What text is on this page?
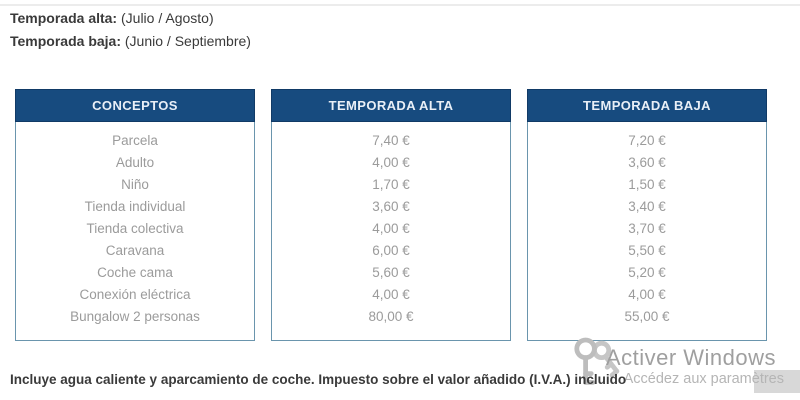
Temporada alta: (Julio / Agosto)

Temporada baja: (Junio / Septiembre)

CONCEPTOS
Parcela
Adulto
Niño
Tienda individual
Tienda colectiva
Caravana
Coche cama
Conexión eléctrica
Bungalow 2 personas
TEMPORADA ALTA
7,40 €
4,00 €
1,70 €
3,60 €
4,00 €
6,00 €
5,60 €
4,00 €
80,00 €
TEMPORADA BAJA
7,20 €
3,60 €
1,50 €
3,40 €
3,70 €
5,50 €
5,20 €
4,00 €
55,00 €

Incluye agua caliente y aparcamiento de coche. Impuesto sobre el valor añadido (I.V.A.) incluido

Activer Windows
Accédez aux paramètres
